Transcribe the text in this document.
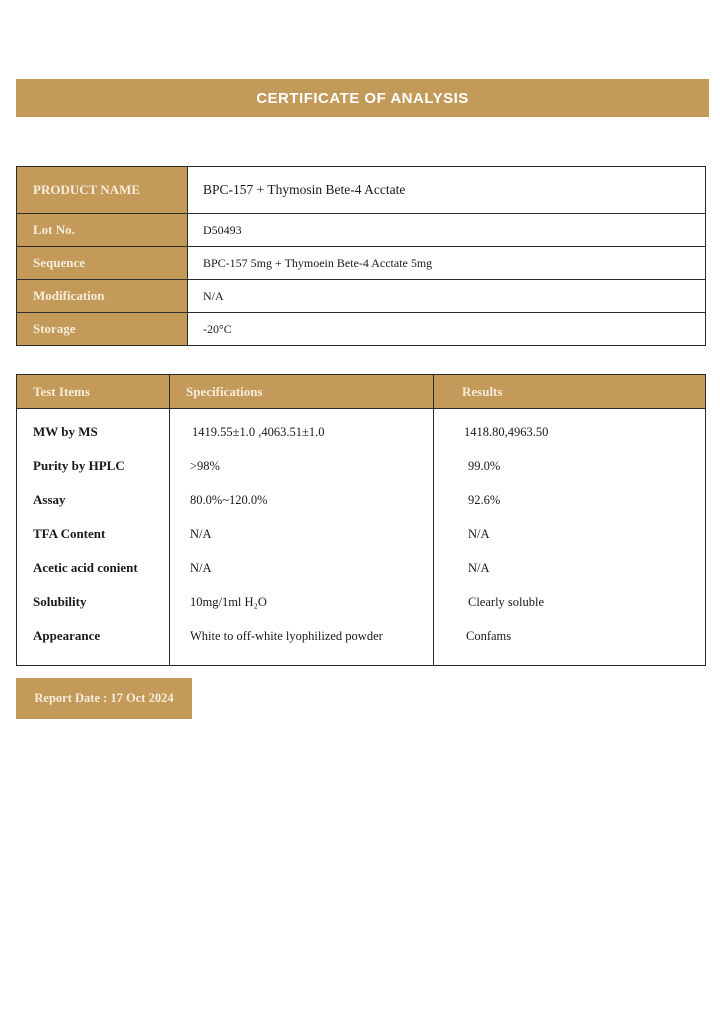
CERTIFICATE OF ANALYSIS
PRODUCT NAME	BPC-157 + Thymosin Bete-4 Acctate
Lot No.	D50493
Sequence	BPC-157 5mg + Thymoein Bete-4 Acctate 5mg
Modification	N/A
Storage	-20°C
Test Items	Specifications	Results
MW by MS	1419.55±1.0 ,4063.51±1.0	1418.80,4963.50
Purity by HPLC	>98%	99.0%
Assay	80.0%~120.0%	92.6%
TFA Content	N/A	N/A
Acetic acid conient	N/A	N/A
Solubility	10mg/1ml H₂O	Clearly soluble
Appearance	White to off-white lyophilized powder	Confams
Report Date : 17 Oct 2024
